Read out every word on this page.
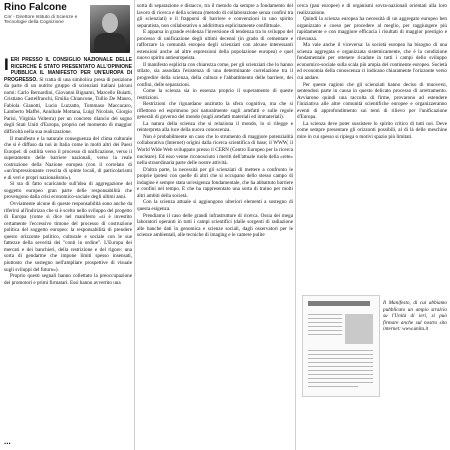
Rino Falcone

Cnr - Direttore Istituto di Scienze e Tecnologie della Cognizione

I ERI PRESSO IL CONSIGLIO NAZIONALE DELLE RICERCHE È STATO PRESENTATO ALL'OPINIONE PUBBLICA IL MANIFESTO PER UN'EUROPA DI PROGRESSO. Si tratta di una simbolica presa di posizione da parte di un nutrito gruppo di scienziati italiani (alcuni nomi: Carlo Bernardini, Giovanni Bignami, Marcello Buiatti, Cristiano Castelfranchi, Emilia Chiancone, Tullio De Mauro, Fabiola Gianotti, Lucio Luzzatto, Tommaso Maccacaro, Lamberto Maffei, Annibale Mottana, Luigi Nicolais, Giorgio Parisi, Virginia Volterra) per un concreto rilancio del sogno degli Stati Uniti d'Europa, proprio nel momento di maggior difficoltà nella sua realizzazione.

Il manifesto e la naturale conseguenza del clima culturale che si è diffuso da noi in Italia come in molti altri dei Paesi Europei: di ostilità verso il processo di unificazione, verso il superamento delle barriere nazionali, verso la reale costruzione della Nazione europea (con il correlato di «un'impressionante crescita di spinte locali, di particolarismi e di veri e propri nazionalismi»).

Si sta di fatto scaricando sull'idea di aggregazione del soggetto europeo gran parte delle responsabilità che provengono dalla crisi economico-sociale degli ultimi anni.

Ovviamente alcune di queste responsabilità sono anche da riferirsi all'indirizzo che si è scelto nello sviluppo del progetto di Europa (come si dice nel manifesto «si è investito certamente l'eccessivo timone del processo di costruzione politica del soggetto europeo: la responsabilità di prendere questo orizzonte politico, culturale e sociale con le sue fattezze della severità dei "conti in ordine". L'Europa dei mercati e dei banchieri, della restrizione e del rigore: una sorta di gendarme che impone limiti spesso insensati, piuttosto che sostegno nell'ampliare prospettive di visuale sugli sviluppi del futuro»).

Proprio questi segnali hanno collettato la preoccupazione dei promotori e primi firmatari. Essi hanno avvertito una

sorta di separazione e distacco, tra il metodo da sempre a fondamento del lavoro di ricerca e della scienza (metodo di collaborazione senza confini tra gli scienziati) e il frapporsi di barriere e convenzioni in uno spirito separatista, non collaborativo o addirittura esplicitamente conflittuale.

E apparsa in grande evidenza l'inversione di tendenza tra lo sviluppo del processo di unificazione degli ultimi decenni (in grado di cementare e rafforzare la comunità europea degli scienziati con alcune interessanti estensioni anche ad altre espressioni della popolazione europea) e quel nuovo spirito antieuropeista.

Il manifesto esplicita con chiarezza come, per gli scienziati che lo hanno stilato, sia assodata l'esistenza di una determinante correlazione tra il progredire della scienza, della cultura e l'abbattimento delle barriere, dei confini, delle separazioni.

Come la scienza sia in essenza proprio il superamento di queste restrizioni.

Restrizioni che riguardano anzitutto la sfera cognitiva, ma che si riflettono ed esprimono poi naturalmente sugli artefatti e sulle regole generali di governo del mondo (sugli artefatti materiali ed immateriali).

La natura della scienza che si relaziona il mondo, lo si rilegge e reinterpreta alla luce della nuova conoscenza.

Non è probabilmente un caso che lo strumento di maggiore potenzialità collaborativa (Internet) origini dalla ricerca scientifica di base; il WWW, il World Wide Web sviluppato presso il CERN (Centro Europeo per la ricerca nucleare). Ed esso venne riconosciuto i meriti dell'attuale ruolo della «rete» nella straordinaria parte delle nostre attività.

D'altra parte, la necessità per gli scienziati di mettere a confronto le proprie ipotesi con quelle di altri che si occupano dello stesso campo di indagine è sempre stata un'esigenza fondamentale, che ha abbattuto barriere e confini nel tempo. E che ha rappresentato una sorta di traino per molti altri ambiti della società.

Con la scienza attuale si aggiungono ulteriori elementi a sostegno di questa esigenza.

Prendiamo il caso delle grandi infrastrutture di ricerca. Ossia dei mega laboratori operanti in tutti i campi scientifici (dalle sorgenti di radiazione alle banche dati in genomica e scienze sociali, dagli osservatori per le scienze ambientali, alle tecniche di imaging e le camere pulite

cerca (pan europee) e di organismi sovra-nazionali orientati alla loro realizzazione.

Quindi la scienza europea ha necessità di un aggregato europeo ben organizzato e coeso per procedere al meglio, per raggiungere più rapidamente e con maggiore efficacia i risultati di maggior prestigio e rilevanza.

Ma vale anche il viceversa: la società europea ha bisogno di una scienza aggregata e organizzata sistemicamente, che è la condizione fondamentale per ottenere ricadute in tutti i campi dello sviluppo economico-sociale sulla scala più ampia del continente europeo. Società ed economia della conoscenza ci indicano chiaramente l'orizzonte verso cui andare.

Per queste ragioni che gli scienziati hanno deciso di muoversi, sentendosi parte in causa in questo delicato processo di arretramento. Avviarono quindi una raccolta di firme, provarono ad estendere l'iniziativa alle altre comunità scientifiche europee e organizzeranno eventi di approfondimento sui temi di rilievo per l'unificazione d'Europa.

La scienza deve poter sussistere lo spirito critico di tutti noi. Deve come sempre presentare gli orizzonti possibili, al di là delle meschine mire in cui spesso si ripiega o motivi spazio più limitati.

Il Manifesto, di cui abbiamo pubblicato un ampio stralcio su l'Unità di ieri, si può firmare anche sul nostro sito internet: www.unita.it

...
